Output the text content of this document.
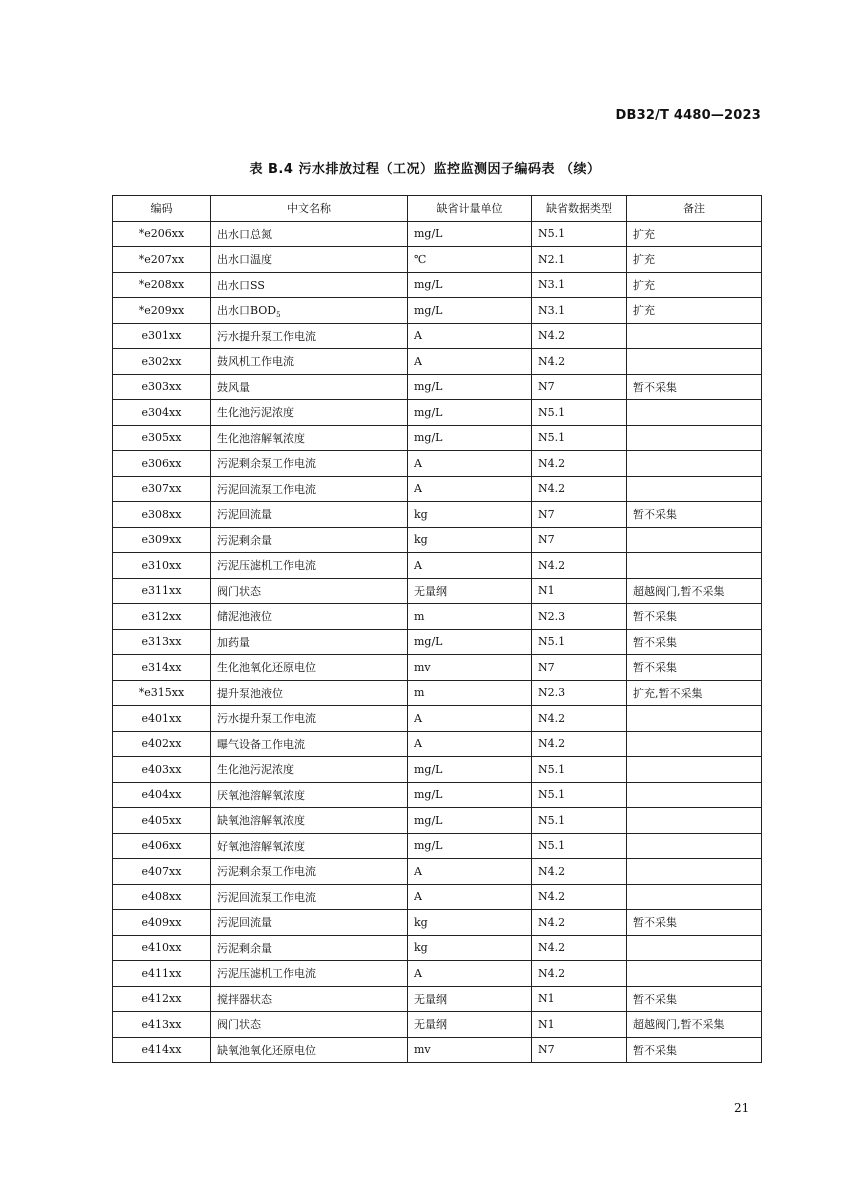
DB32/T 4480—2023
表 B.4 污水排放过程（工况）监控监测因子编码表 （续）
编码	中文名称	缺省计量单位	缺省数据类型	备注
*e206xx	出水口总氮	mg/L	N5.1	扩充
*e207xx	出水口温度	℃	N2.1	扩充
*e208xx	出水口SS	mg/L	N3.1	扩充
*e209xx	出水口$BOD_5$	mg/L	N3.1	扩充
e301xx	污水提升泵工作电流	A	N4.2	
e302xx	鼓风机工作电流	A	N4.2	
e303xx	鼓风量	mg/L	N7	暂不采集
e304xx	生化池污泥浓度	mg/L	N5.1	
e305xx	生化池溶解氧浓度	mg/L	N5.1	
e306xx	污泥剩余泵工作电流	A	N4.2	
e307xx	污泥回流泵工作电流	A	N4.2	
e308xx	污泥回流量	kg	N7	暂不采集
e309xx	污泥剩余量	kg	N7	
e310xx	污泥压滤机工作电流	A	N4.2	
e311xx	阀门状态	无量纲	N1	超越阀门,暂不采集
e312xx	储泥池液位	m	N2.3	暂不采集
e313xx	加药量	mg/L	N5.1	暂不采集
e314xx	生化池氧化还原电位	mv	N7	暂不采集
*e315xx	提升泵池液位	m	N2.3	扩充,暂不采集
e401xx	污水提升泵工作电流	A	N4.2	
e402xx	曝气设备工作电流	A	N4.2	
e403xx	生化池污泥浓度	mg/L	N5.1	
e404xx	厌氧池溶解氧浓度	mg/L	N5.1	
e405xx	缺氧池溶解氧浓度	mg/L	N5.1	
e406xx	好氧池溶解氧浓度	mg/L	N5.1	
e407xx	污泥剩余泵工作电流	A	N4.2	
e408xx	污泥回流泵工作电流	A	N4.2	
e409xx	污泥回流量	kg	N4.2	暂不采集
e410xx	污泥剩余量	kg	N4.2	
e411xx	污泥压滤机工作电流	A	N4.2	
e412xx	搅拌器状态	无量纲	N1	暂不采集
e413xx	阀门状态	无量纲	N1	超越阀门,暂不采集
e414xx	缺氧池氧化还原电位	mv	N7	暂不采集
21
